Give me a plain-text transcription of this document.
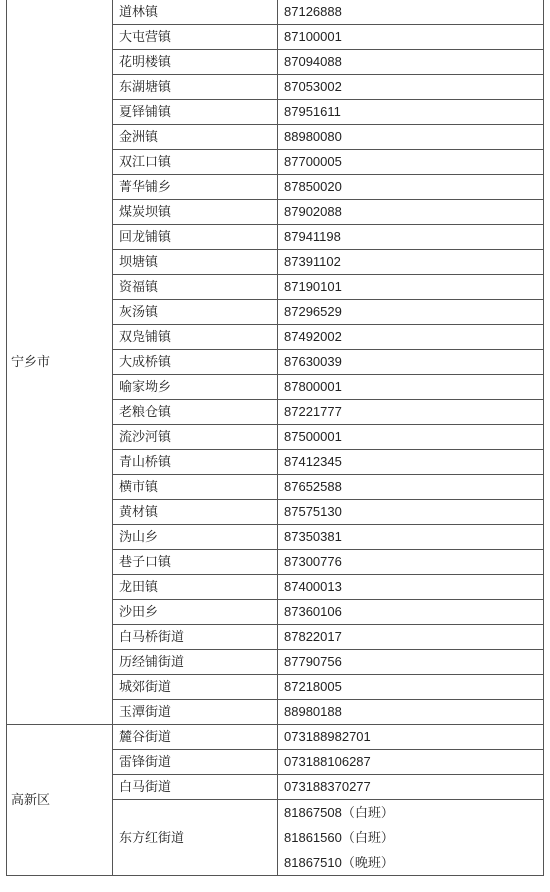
宁乡市	道林镇	87126888

	大屯营镇	87100001

	花明楼镇	87094088

	东湖塘镇	87053002

	夏铎铺镇	87951611

	金洲镇	88980080

	双江口镇	87700005

	菁华铺乡	87850020

	煤炭坝镇	87902088

	回龙铺镇	87941198

	坝塘镇	87391102

	资福镇	87190101

	灰汤镇	87296529

	双凫铺镇	87492002

	大成桥镇	87630039

	喻家坳乡	87800001

	老粮仓镇	87221777

	流沙河镇	87500001

	青山桥镇	87412345

	横市镇	87652588

	黄材镇	87575130

	沩山乡	87350381

	巷子口镇	87300776

	龙田镇	87400013

	沙田乡	87360106

	白马桥街道	87822017

	历经铺街道	87790756

	城郊街道	87218005

	玉潭街道	88980188

高新区	麓谷街道	073188982701

	雷锋街道	073188106287

	白马街道	073188370277

	东方红街道	81867508（白班）
81861560（白班）
81867510（晚班）
